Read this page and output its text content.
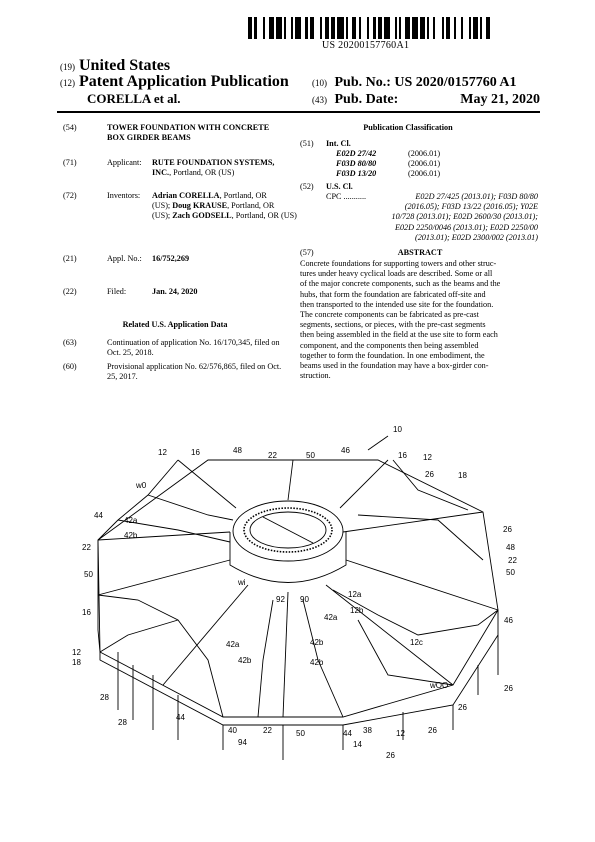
US 20200157760A1
(19) United States
(12) Patent Application Publication
CORELLA et al.
(10) Pub. No.: US 2020/0157760 A1
(43) Pub. Date:	May 21, 2020
(54)	TOWER FOUNDATION WITH CONCRETE
BOX GIRDER BEAMS
(71)	Applicant: RUTE FOUNDATION SYSTEMS,
INC., Portland, OR (US)
(72)	Inventors: Adrian CORELLA, Portland, OR
(US); Doug KRAUSE, Portland, OR
(US); Zach GODSELL, Portland, OR (US)
(21)	Appl. No.: 16/752,269
(22)	Filed:	Jan. 24, 2020
Related U.S. Application Data
(63)	Continuation of application No. 16/170,345, filed on
Oct. 25, 2018.
(60)	Provisional application No. 62/576,865, filed on Oct.
25, 2017.
Publication Classification
(51) Int. Cl.
E02D 27/42	(2006.01)
F03D 80/80	(2006.01)
F03D 13/20	(2006.01)
(52) U.S. Cl.
CPC ...........	E02D 27/425 (2013.01); F03D 80/80
(2016.05); F03D 13/22 (2016.05); Y02E
10/728 (2013.01); E02D 2600/30 (2013.01);
E02D 2250/0046 (2013.01); E02D 2250/00
(2013.01); E02D 2300/002 (2013.01)
(57)	ABSTRACT
Concrete foundations for supporting towers and other struc-
tures under heavy cyclical loads are described. Some or all
of the major concrete components, such as the beams and the
hubs, that form the foundation are fabricated off-site and
then transported to the intended use site for the foundation.
The concrete components can be fabricated as pre-cast
segments, sections, or pieces, with the pre-cast segments
then being assembled in the field at the use site to form each
component, and the components then being assembled
together to form the foundation. In one embodiment, the
beams used in the foundation may have a box-girder con-
struction.
10
12	16	48
22	50
46
16 12
26	18
w0
44
42a
42b
26
22	48
22
50
50
wi
92 90
12a
12b
16
42a
42a	42b	12c
46
12
18	42b	42b
wOO	26
28
26
28
44
40	22	50	44 38	12	26
94	14
26
